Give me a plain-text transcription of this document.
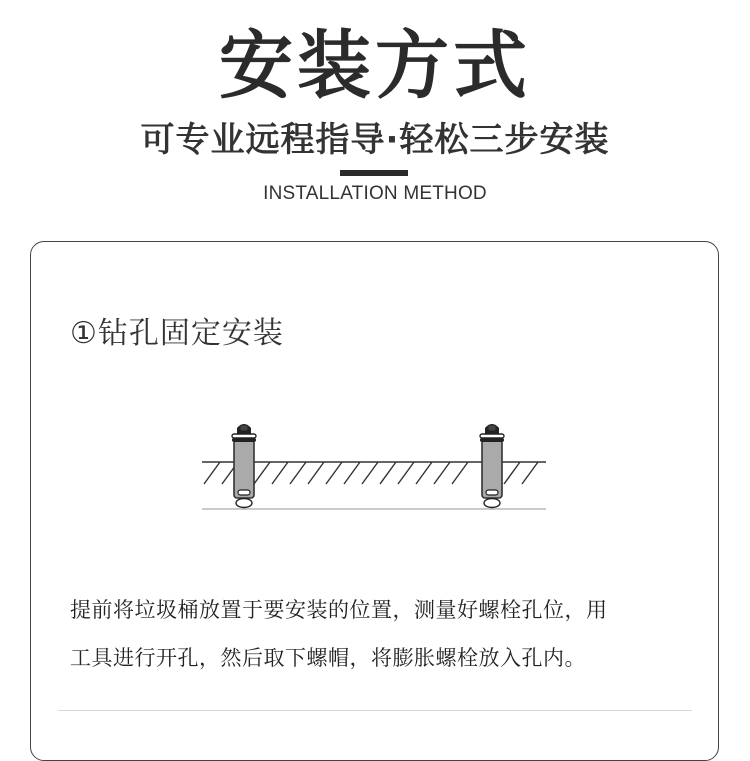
安装方式
可专业远程指导·轻松三步安装
INSTALLATION METHOD
①钻孔固定安装
提前将垃圾桶放置于要安装的位置，测量好螺栓孔位，用
工具进行开孔，然后取下螺帽，将膨胀螺栓放入孔内。
